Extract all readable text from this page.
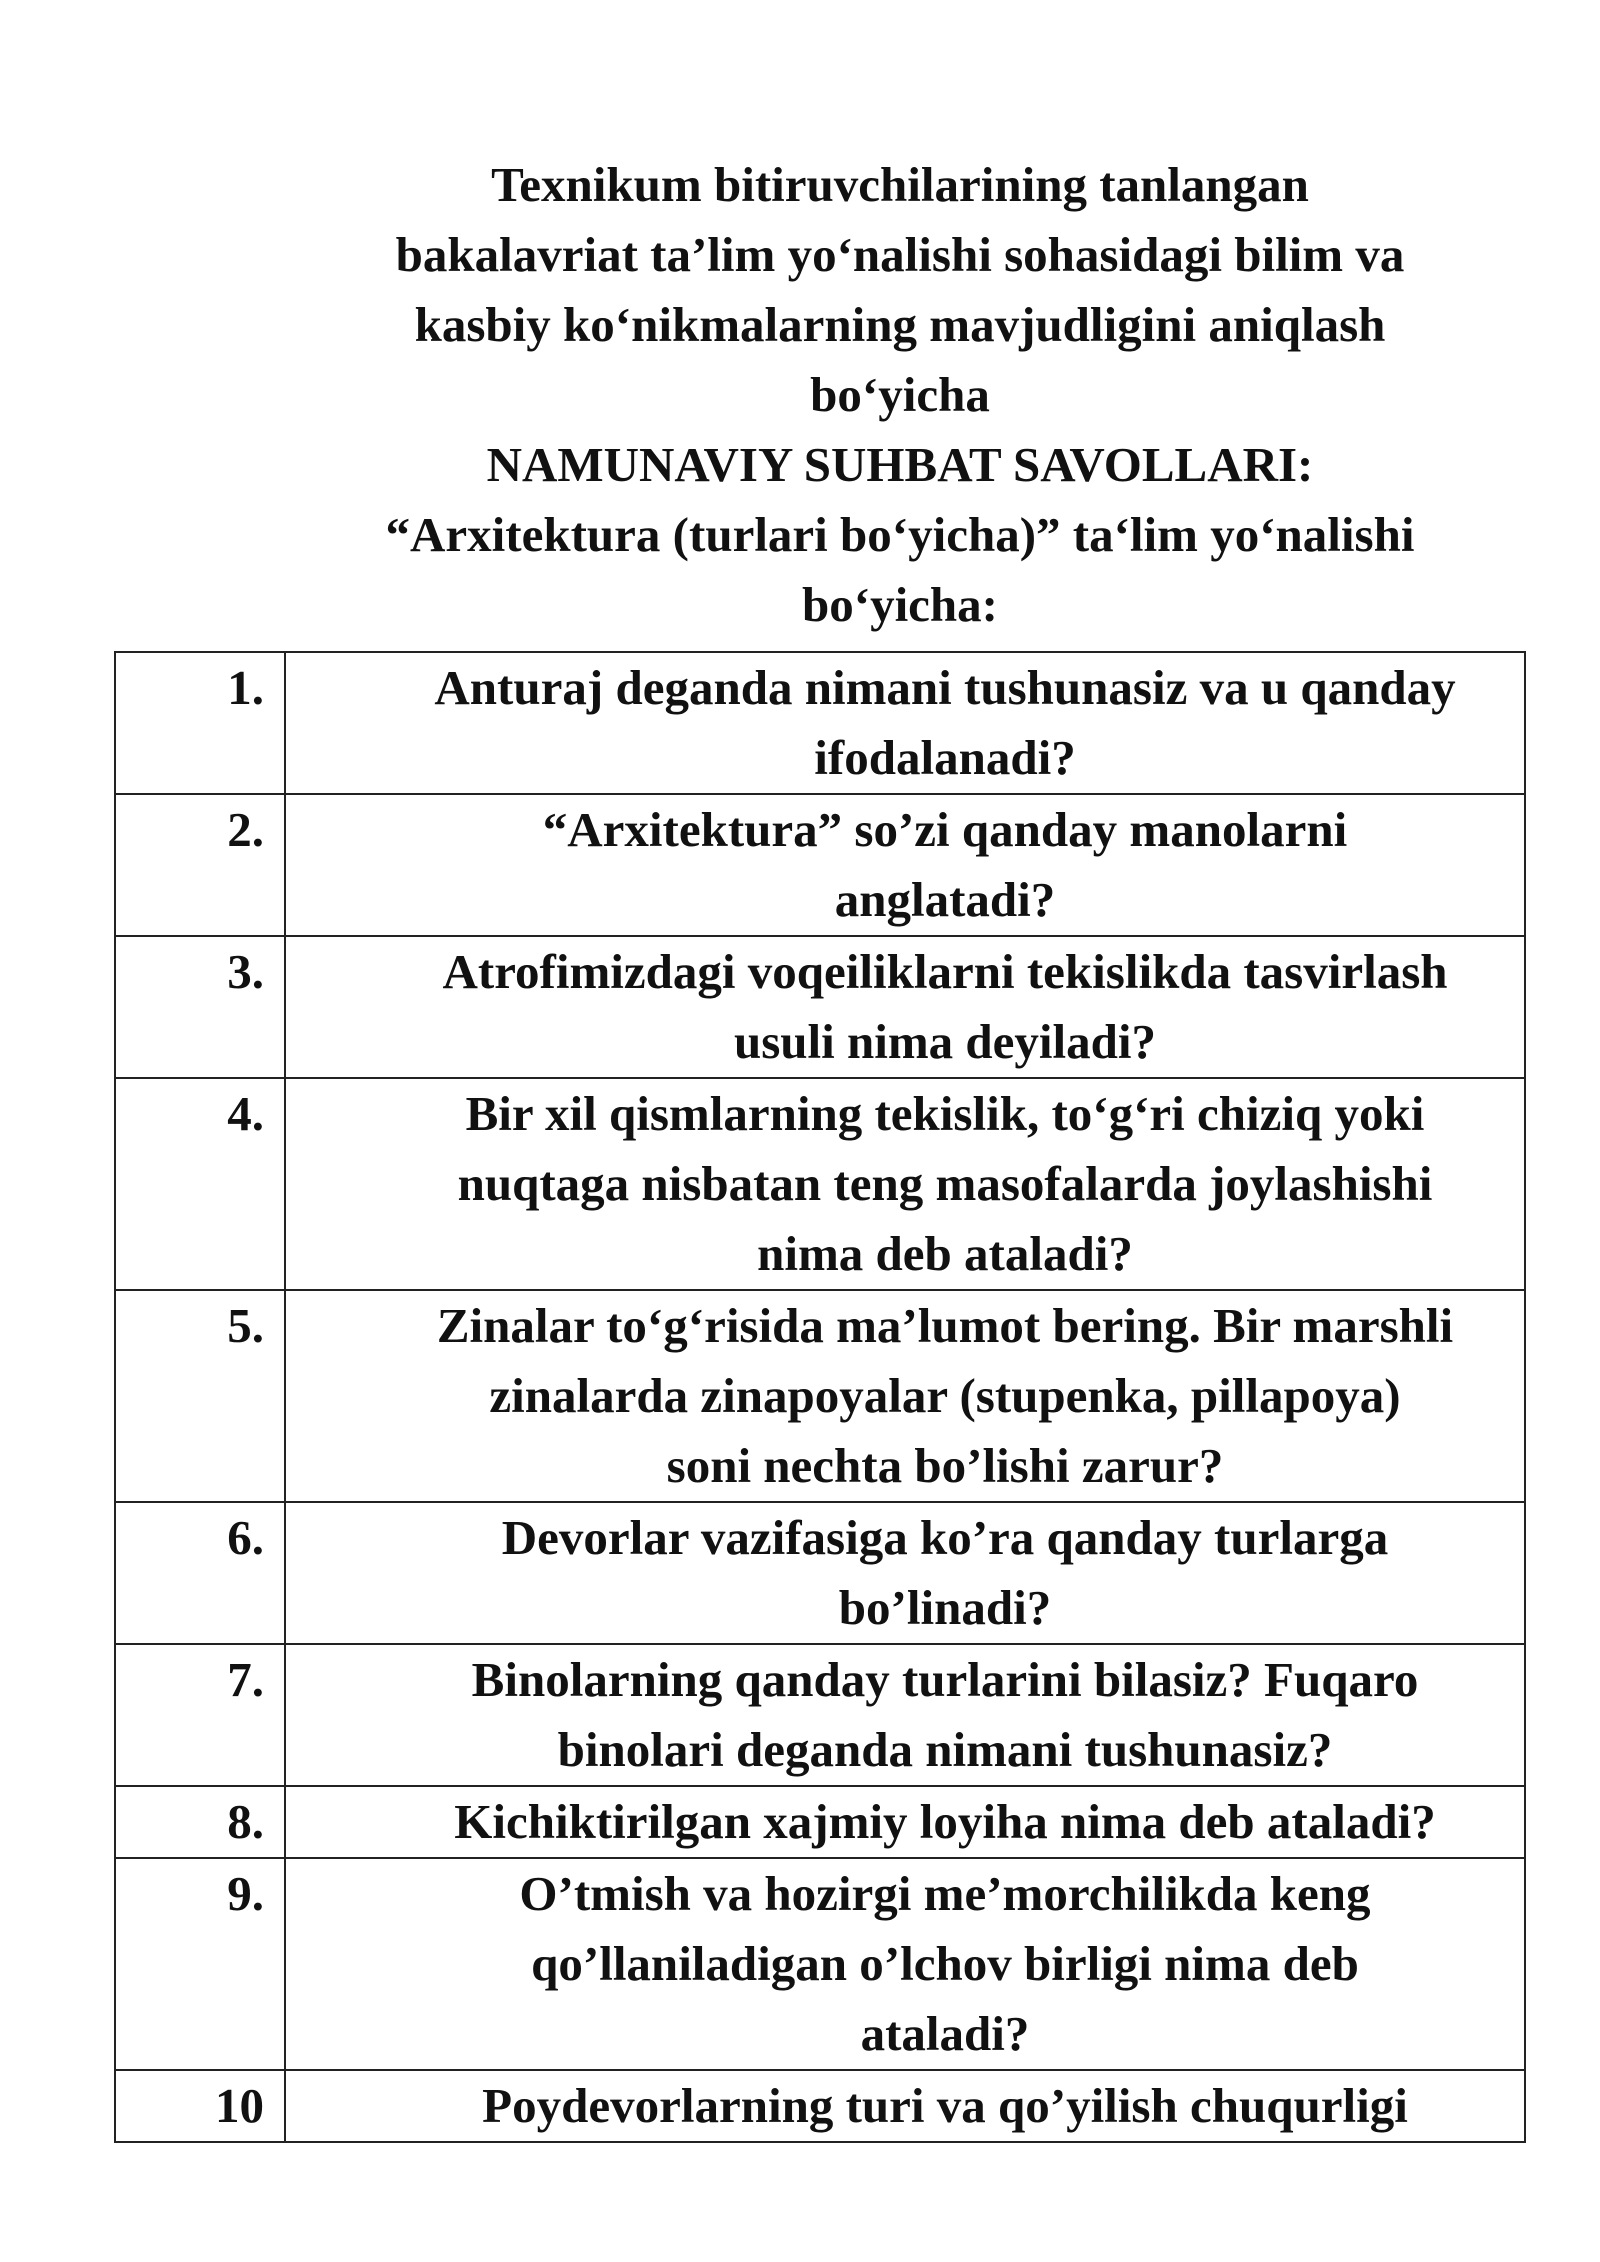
Texnikum bitiruvchilarining tanlangan
bakalavriat ta’lim yo‘nalishi sohasidagi bilim va
kasbiy ko‘nikmalarning mavjudligini aniqlash
bo‘yicha
NAMUNAVIY SUHBAT SAVOLLARI:
“Arxitektura (turlari bo‘yicha)” ta‘lim yo‘nalishi
bo‘yicha:
1.	Anturaj deganda nimani tushunasiz va u qanday
ifodalanadi?

2.	“Arxitektura” so’zi qanday manolarni
anglatadi?

3.	Atrofimizdagi voqeiliklarni tekislikda tasvirlash
usuli nima deyiladi?

4.	Bir xil qismlarning tekislik, to‘g‘ri chiziq yoki
nuqtaga nisbatan teng masofalarda joylashishi
nima deb ataladi?

5.	Zinalar to‘g‘risida ma’lumot bering. Bir marshli
zinalarda zinapoyalar (stupenka, pillapoya)
soni nechta bo’lishi zarur?

6.	Devorlar vazifasiga ko’ra qanday turlarga
bo’linadi?

7.	Binolarning qanday turlarini bilasiz? Fuqaro
binolari deganda nimani tushunasiz?

8.	Kichiktirilgan xajmiy loyiha nima deb ataladi?

9.	O’tmish va hozirgi me’morchilikda keng
qo’llaniladigan o’lchov birligi nima deb
ataladi?

10	Poydevorlarning turi va qo’yilish chuqurligi
